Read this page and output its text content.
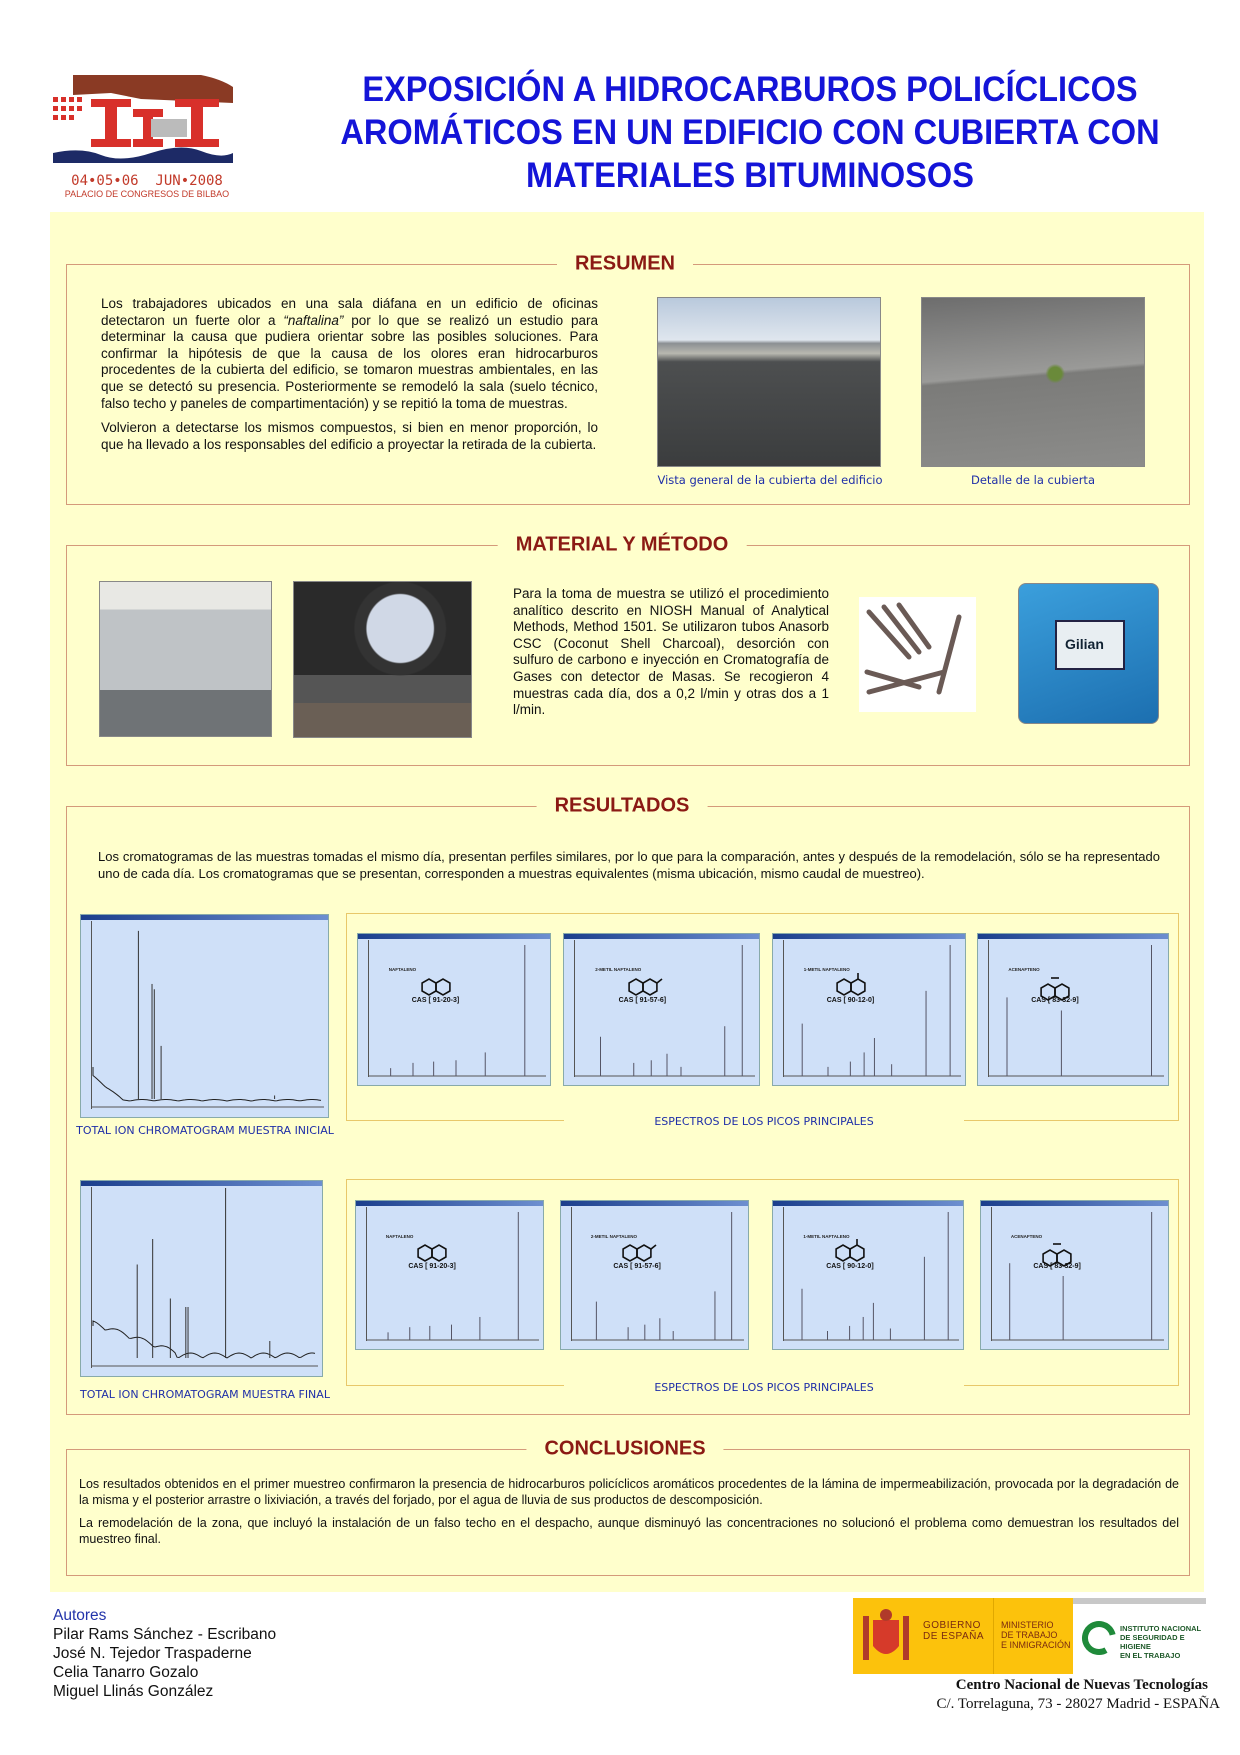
04•05•06  JUN•2008
PALACIO DE CONGRESOS DE BILBAO
EXPOSICIÓN A HIDROCARBUROS POLICÍCLICOS AROMÁTICOS EN UN EDIFICIO CON CUBIERTA CON MATERIALES BITUMINOSOS
RESUMEN

Los trabajadores ubicados en una sala diáfana en un edificio de oficinas detectaron un fuerte olor a “naftalina” por lo que se realizó un estudio para determinar la causa que pudiera orientar sobre las posibles soluciones. Para confirmar la hipótesis de que la causa de los olores eran hidrocarburos procedentes de la cubierta del edificio, se tomaron muestras ambientales, en las que se detectó su presencia. Posteriormente se remodeló la sala (suelo técnico, falso techo y paneles de compartimentación) y se repitió la toma de muestras.

Volvieron a detectarse los mismos compuestos, si bien en menor proporción, lo que ha llevado a los responsables del edificio a proyectar la retirada de la cubierta.

Vista general de la cubierta del edificio	Detalle de la cubierta
MATERIAL Y MÉTODO
Para la toma de muestra se utilizó el procedimiento analítico descrito en NIOSH Manual of Analytical Methods, Method 1501. Se utilizaron tubos Anasorb CSC (Coconut Shell Charcoal), desorción con sulfuro de carbono e inyección en Cromatografía de Gases con detector de Masas. Se recogieron 4 muestras cada día, dos a 0,2 l/min y otras dos a 1 l/min.
Gilian
RESULTADOS
Los cromatogramas de las muestras tomadas el mismo día, presentan perfiles similares, por lo que para la comparación, antes y después de la remodelación, sólo se ha representado uno de cada día. Los cromatogramas que se presentan, corresponden a muestras equivalentes (misma ubicación, mismo caudal de muestreo).
TOTAL ION CHROMATOGRAM MUESTRA INICIAL
ESPECTROS DE LOS PICOS PRINCIPALES
TOTAL ION CHROMATOGRAM MUESTRA FINAL
ESPECTROS DE LOS PICOS PRINCIPALES
NAFTALENO
CAS [ 91-20-3]
2-METIL NAFTALENO
CAS [ 91-57-6]
1-METIL NAFTALENO
CAS [ 90-12-0]
ACENAFTENO
CAS [ 83-32-9]
NAFTALENO
CAS [ 91-20-3]
2-METIL NAFTALENO
CAS [ 91-57-6]
1-METIL NAFTALENO
CAS [ 90-12-0]
ACENAFTENO
CAS [ 83-32-9]
CONCLUSIONES

Los resultados obtenidos en el primer muestreo confirmaron la presencia de hidrocarburos policíclicos aromáticos procedentes de la lámina de impermeabilización, provocada por la degradación de la misma y el posterior arrastre o lixiviación, a través del forjado, por el agua de lluvia de sus productos de descomposición.

La remodelación de la zona, que incluyó la instalación de un falso techo en el despacho, aunque disminuyó las concentraciones no solucionó el problema como demuestran los resultados del muestreo final.

Autores
Pilar Rams Sánchez - Escribano
José N. Tejedor Traspaderne
Celia Tanarro Gozalo
Miguel Llinás González
GOBIERNO
DE ESPAÑA
MINISTERIO
DE TRABAJO
E INMIGRACIÓN
INSTITUTO NACIONAL
DE SEGURIDAD E HIGIENE
EN EL TRABAJO
Centro Nacional de Nuevas Tecnologías
C/. Torrelaguna, 73 - 28027 Madrid - ESPAÑA
